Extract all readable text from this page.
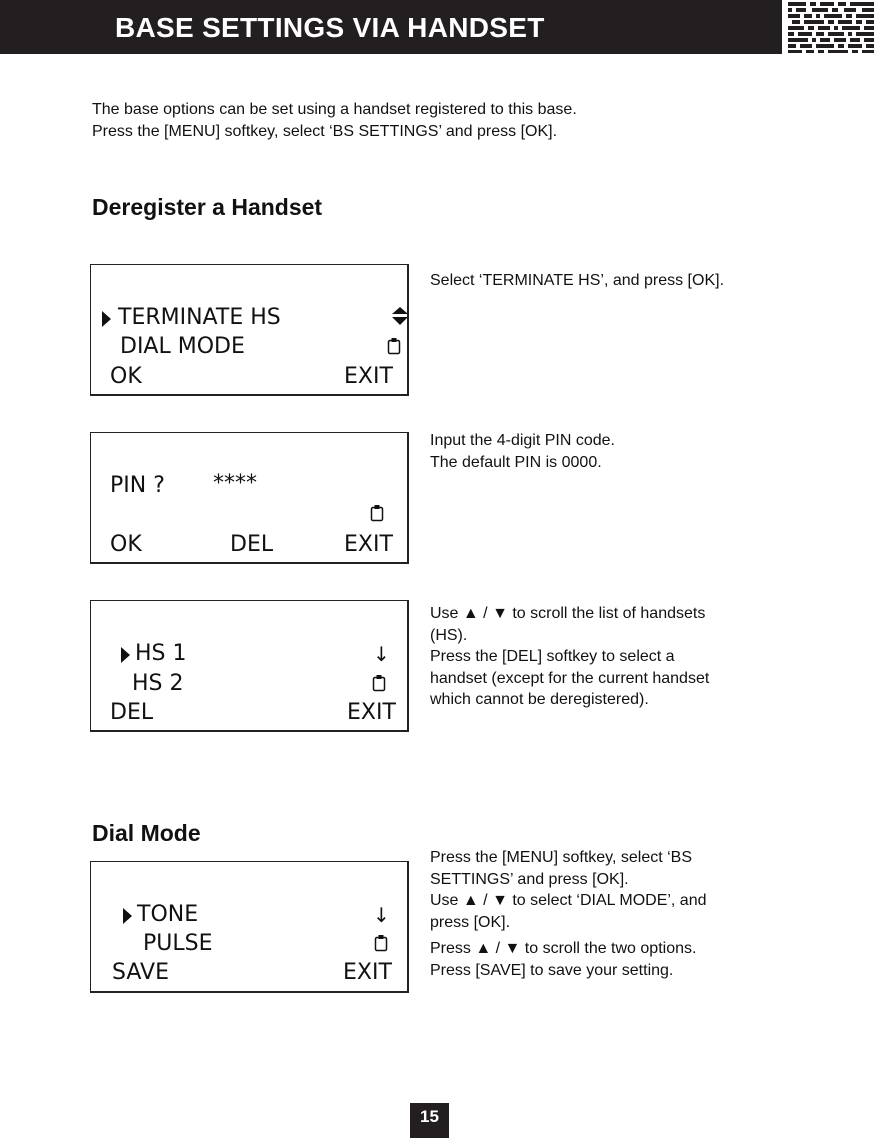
BASE SETTINGS VIA HANDSET
The base options can be set using a handset registered to this base.
Press the [MENU] softkey, select ‘BS SETTINGS’ and press [OK].
Deregister a Handset
TERMINATE HS
DIAL MODE
OK	EXIT

Select ‘TERMINATE HS’, and press [OK].

PIN ? ****
OK	DEL	EXIT

Input the 4-digit PIN code.

The default PIN is 0000.

HS 1
HS 2
↓
DEL	EXIT

Use ▲ / ▼ to scroll the list of handsets

(HS).

Press the [DEL] softkey to select a

handset (except for the current handset

which cannot be deregistered).

Dial Mode
TONE
PULSE
↓
SAVE	EXIT

Press the [MENU] softkey, select ‘BS

SETTINGS’ and press [OK].

Use ▲ / ▼ to select ‘DIAL MODE’, and

press [OK].

Press ▲ / ▼ to scroll the two options.

Press [SAVE] to save your setting.

15
